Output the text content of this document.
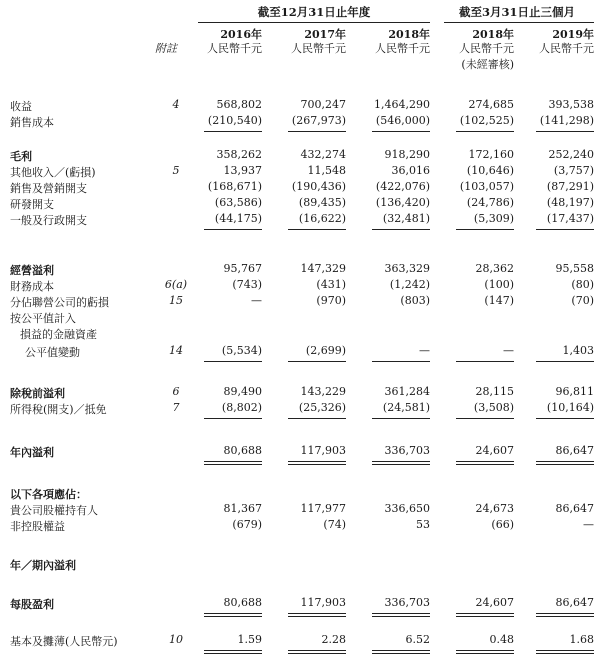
截至12月31日止年度	截至3月31日止三個月
附註
2016年	2017年	2018年	2018年	2019年
人民幣千元	人民幣千元	人民幣千元	人民幣千元	人民幣千元
(未經審核)
收益	4	568,802	700,247	1,464,290	274,685	393,538
銷售成本	(210,540)	(267,973)	(546,000)	(102,525)	(141,298)
毛利	358,262	432,274	918,290	172,160	252,240
其他收入／(虧損)	5	13,937	11,548	36,016	(10,646)	(3,757)
銷售及營銷開支	(168,671)	(190,436)	(422,076)	(103,057)	(87,291)
研發開支	(63,586)	(89,435)	(136,420)	(24,786)	(48,197)
一般及行政開支	(44,175)	(16,622)	(32,481)	(5,309)	(17,437)
經營溢利	95,767	147,329	363,329	28,362	95,558
財務成本	6(a)	(743)	(431)	(1,242)	(100)	(80)
分佔聯營公司的虧損	15	—	(970)	(803)	(147)	(70)
按公平值計入
損益的金融資產
公平值變動	14	(5,534)	(2,699)	—	—	1,403
除稅前溢利	6	89,490	143,229	361,284	28,115	96,811
所得稅(開支)／抵免	7	(8,802)	(25,326)	(24,581)	(3,508)	(10,164)
年內溢利	80,688	117,903	336,703	24,607	86,647
以下各項應佔：
貴公司股權持有人	81,367	117,977	336,650	24,673	86,647
非控股權益	(679)	(74)	53	(66)	—
年／期內溢利
每股盈利	80,688	117,903	336,703	24,607	86,647
基本及攤薄(人民幣元)	10	1.59	2.28	6.52	0.48	1.68
